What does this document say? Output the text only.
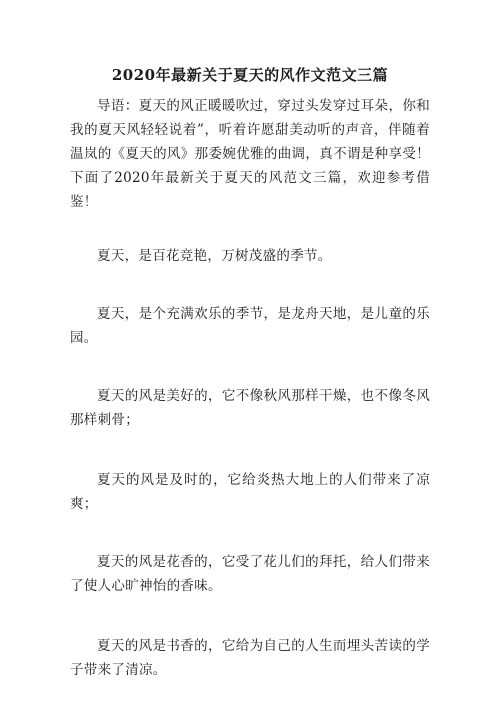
2020年最新关于夏天的风作文范文三篇

导语：夏天的风正暖暖吹过，穿过头发穿过耳朵，你和我的夏天风轻轻说着”，听着许愿甜美动听的声音，伴随着温岚的《夏天的风》那委婉优雅的曲调，真不谓是种享受！下面了2020年最新关于夏天的风范文三篇，欢迎参考借鉴！

夏天，是百花竞艳，万树茂盛的季节。

夏天，是个充满欢乐的季节，是龙舟天地，是儿童的乐园。

夏天的风是美好的，它不像秋风那样干燥，也不像冬风那样刺骨；

夏天的风是及时的，它给炎热大地上的人们带来了凉爽；

夏天的风是花香的，它受了花儿们的拜托，给人们带来了使人心旷神怡的香味。

夏天的风是书香的，它给为自己的人生而埋头苦读的学子带来了清凉。
